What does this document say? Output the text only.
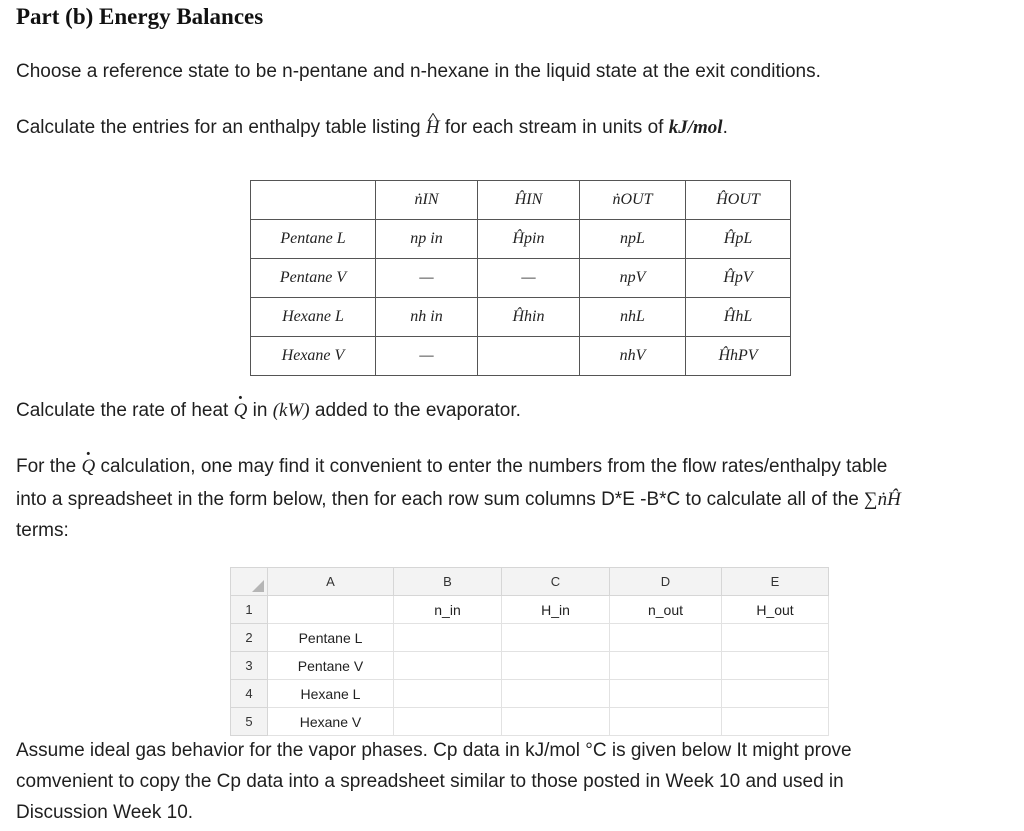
Part (b) Energy Balances
Choose a reference state to be n-pentane and n-hexane in the liquid state at the exit conditions.
Calculate the entries for an enthalpy table listing ^ H for each stream in units of kJ/mol.
	ṅIN	ĤIN	ṅOUT	ĤOUT
Pentane L	np in	Ĥpin	npL	ĤpL
Pentane V	—	—	npV	ĤpV
Hexane L	nh in	Ĥhin	nhL	ĤhL
Hexane V	—		nhV	ĤhPV
Calculate the rate of heat · Q in (kW) added to the evaporator.
For the · Q calculation, one may find it convenient to enter the numbers from the flow rates/enthalpy table
into a spreadsheet in the form below, then for each row sum columns D*E -B*C to calculate all of the ∑ṅĤ
terms:
	A	B	C	D	E
1		n_in	H_in	n_out	H_out
2	Pentane L				
3	Pentane V				
4	Hexane L				
5	Hexane V				
Assume ideal gas behavior for the vapor phases. Cp data in kJ/mol °C is given below It might prove
comvenient to copy the Cp data into a spreadsheet similar to those posted in Week 10 and used in
Discussion Week 10.
